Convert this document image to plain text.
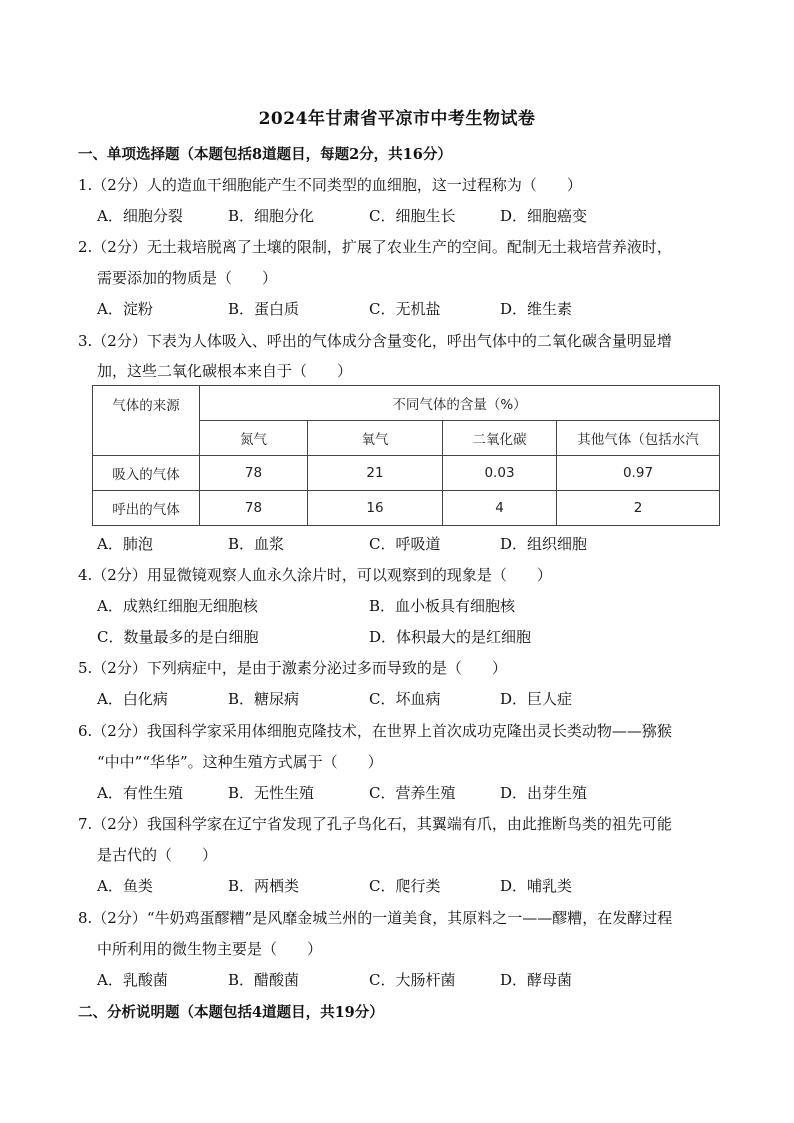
2024年甘肃省平凉市中考生物试卷
一、单项选择题（本题包括8道题目，每题2分，共16分）
1.（2分）人的造血干细胞能产生不同类型的血细胞，这一过程称为（　　）
A．细胞分裂	B．细胞分化	C．细胞生长	D．细胞癌变
2.（2分）无土栽培脱离了土壤的限制，扩展了农业生产的空间。配制无土栽培营养液时，
需要添加的物质是（　　）
A．淀粉	B．蛋白质	C．无机盐	D．维生素
3.（2分）下表为人体吸入、呼出的气体成分含量变化，呼出气体中的二氧化碳含量明显增
加，这些二氧化碳根本来自于（　　）
气体的来源	不同气体的含量（%）			
	氮气	氧气	二氧化碳	其他气体（包括水汽
吸入的气体	78	21	0.03	0.97
呼出的气体	78	16	4	2
A．肺泡	B．血浆	C．呼吸道	D．组织细胞
4.（2分）用显微镜观察人血永久涂片时，可以观察到的现象是（　　）
A．成熟红细胞无细胞核	B．血小板具有细胞核
C．数量最多的是白细胞	D．体积最大的是红细胞
5.（2分）下列病症中，是由于激素分泌过多而导致的是（　　）
A．白化病	B．糖尿病	C．坏血病	D．巨人症
6.（2分）我国科学家采用体细胞克隆技术，在世界上首次成功克隆出灵长类动物——猕猴
“中中”“华华”。这种生殖方式属于（　　）
A．有性生殖	B．无性生殖	C．营养生殖	D．出芽生殖
7.（2分）我国科学家在辽宁省发现了孔子鸟化石，其翼端有爪，由此推断鸟类的祖先可能
是古代的（　　）
A．鱼类	B．两栖类	C．爬行类	D．哺乳类
8.（2分）“牛奶鸡蛋醪糟”是风靡金城兰州的一道美食，其原料之一——醪糟，在发酵过程
中所利用的微生物主要是（　　）
A．乳酸菌	B．醋酸菌	C．大肠杆菌	D．酵母菌
二、分析说明题（本题包括4道题目，共19分）
